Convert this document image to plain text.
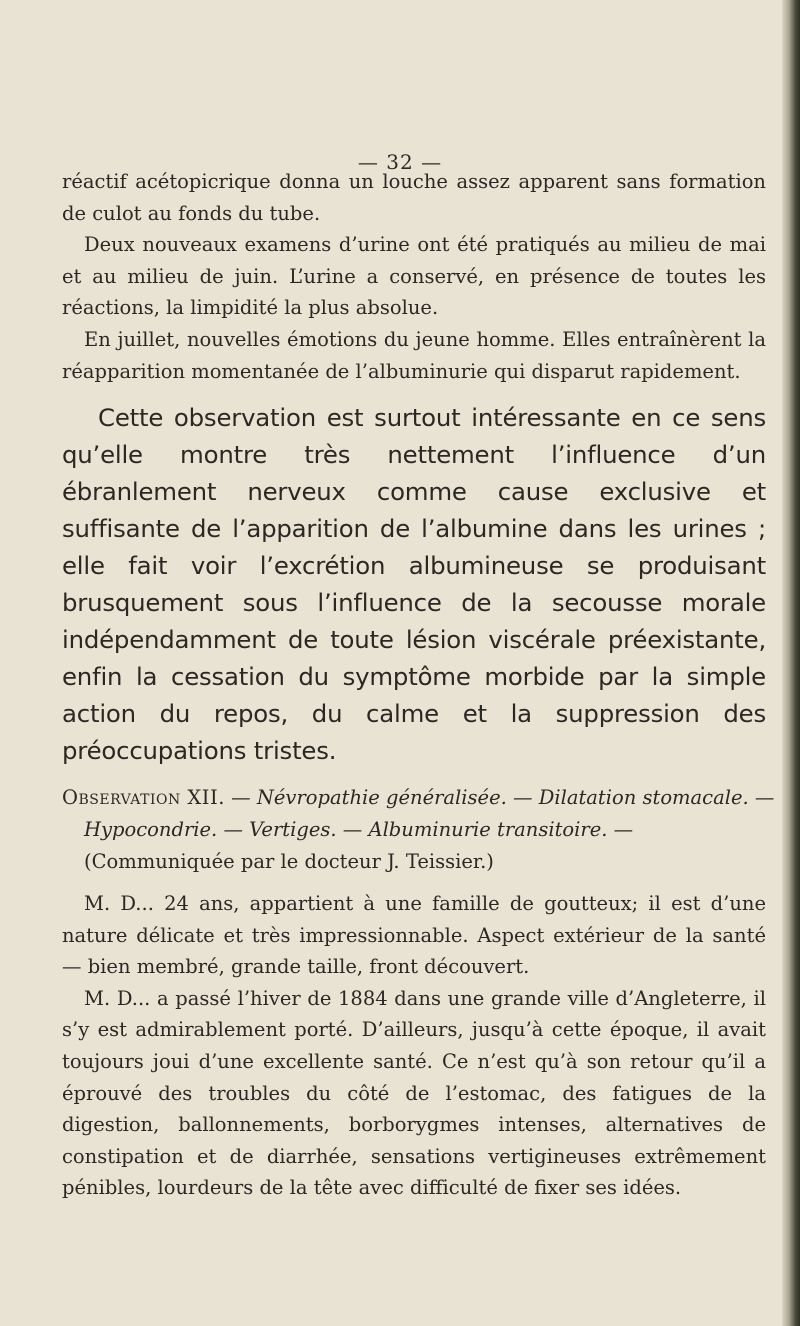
— 32 —

réactif acétopicrique donna un louche assez apparent sans formation de culot au fonds du tube.

Deux nouveaux examens d’urine ont été pratiqués au milieu de mai et au milieu de juin. L’urine a conservé, en présence de toutes les réactions, la limpidité la plus absolue.

En juillet, nouvelles émotions du jeune homme. Elles entraînèrent la réapparition momentanée de l’albuminurie qui disparut rapidement.

Cette observation est surtout intéressante en ce sens qu’elle montre très nettement l’influence d’un ébranlement nerveux comme cause exclusive et suffisante de l’apparition de l’albumine dans les urines ; elle fait voir l’excrétion albumineuse se produisant brusquement sous l’influence de la secousse morale indépendamment de toute lésion viscérale préexistante, enfin la cessation du symptôme morbide par la simple action du repos, du calme et la suppression des préoccupations tristes.

Observation XII. — Névropathie généralisée. — Dilatation stomacale. — Hypocondrie. — Vertiges. — Albuminurie transitoire. — (Communiquée par le docteur J. Teissier.)

M. D... 24 ans, appartient à une famille de goutteux; il est d’une nature délicate et très impressionnable. Aspect extérieur de la santé — bien membré, grande taille, front découvert.

M. D... a passé l’hiver de 1884 dans une grande ville d’Angleterre, il s’y est admirablement porté. D’ailleurs, jusqu’à cette époque, il avait toujours joui d’une excellente santé. Ce n’est qu’à son retour qu’il a éprouvé des troubles du côté de l’estomac, des fatigues de la digestion, ballonnements, borborygmes intenses, alternatives de constipation et de diarrhée, sensations vertigineuses extrêmement pénibles, lourdeurs de la tête avec difficulté de fixer ses idées.
